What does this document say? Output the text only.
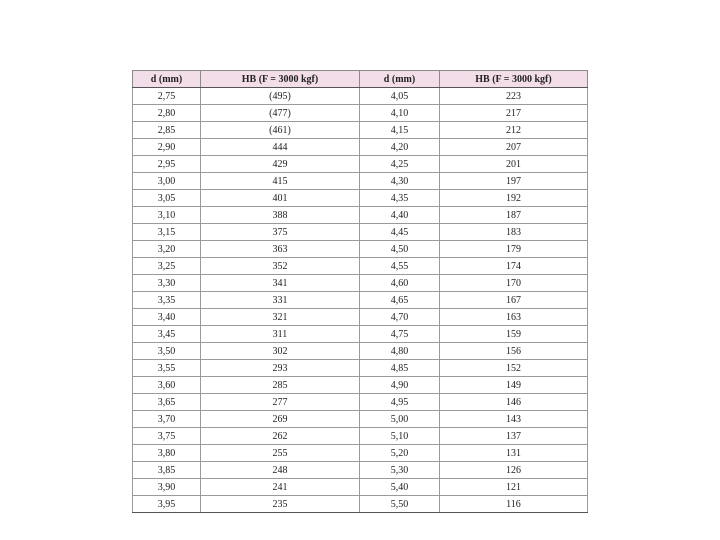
d (mm)	HB (F = 3000 kgf)	d (mm)	HB (F = 3000 kgf)
2,75	(495)	4,05	223
2,80	(477)	4,10	217
2,85	(461)	4,15	212
2,90	444	4,20	207
2,95	429	4,25	201
3,00	415	4,30	197
3,05	401	4,35	192
3,10	388	4,40	187
3,15	375	4,45	183
3,20	363	4,50	179
3,25	352	4,55	174
3,30	341	4,60	170
3,35	331	4,65	167
3,40	321	4,70	163
3,45	311	4,75	159
3,50	302	4,80	156
3,55	293	4,85	152
3,60	285	4,90	149
3,65	277	4,95	146
3,70	269	5,00	143
3,75	262	5,10	137
3,80	255	5,20	131
3,85	248	5,30	126
3,90	241	5,40	121
3,95	235	5,50	116
